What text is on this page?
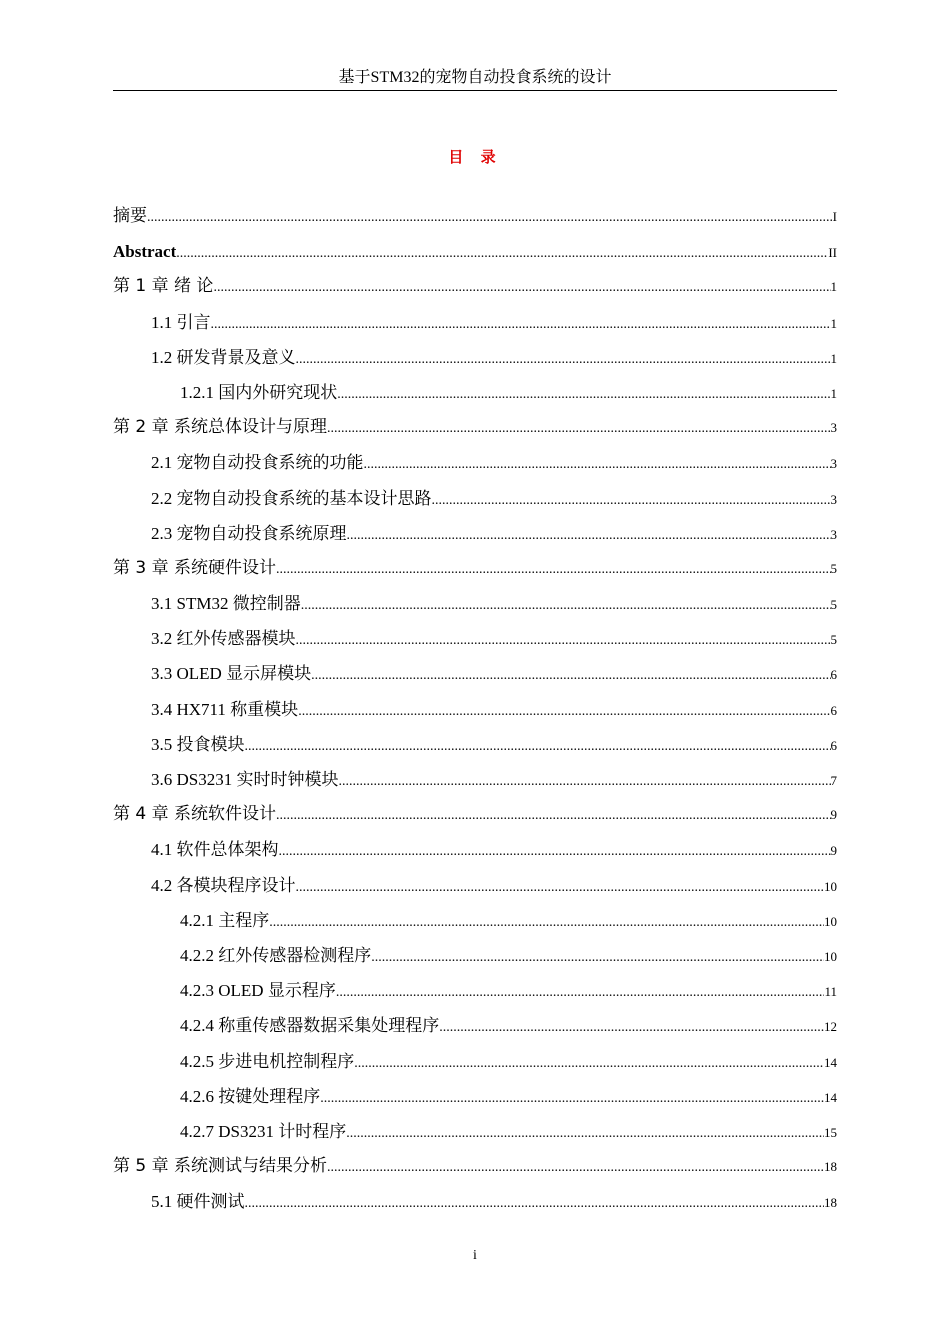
基于STM32的宠物自动投食系统的设计
目 录
摘要 .....	I
Abstract .....	II
第 1 章 绪 论 .....	1
1.1 引言 .....	1
1.2 研发背景及意义 .....	1
1.2.1 国内外研究现状 .....	1
第 2 章 系统总体设计与原理 .....	3
2.1 宠物自动投食系统的功能 .....	3
2.2 宠物自动投食系统的基本设计思路 .....	3
2.3 宠物自动投食系统原理 .....	3
第 3 章 系统硬件设计 .....	5
3.1 STM32 微控制器 .....	5
3.2 红外传感器模块 .....	5
3.3 OLED 显示屏模块 .....	6
3.4 HX711 称重模块 .....	6
3.5 投食模块 .....	6
3.6 DS3231 实时时钟模块 .....	7
第 4 章 系统软件设计 .....	9
4.1 软件总体架构 .....	9
4.2 各模块程序设计 .....	10
4.2.1 主程序 .....	10
4.2.2 红外传感器检测程序 .....	10
4.2.3 OLED 显示程序 .....	11
4.2.4 称重传感器数据采集处理程序 .....	12
4.2.5 步进电机控制程序 .....	14
4.2.6 按键处理程序 .....	14
4.2.7 DS3231 计时程序 .....	15
第 5 章 系统测试与结果分析 .....	18
5.1 硬件测试 .....	18
i
